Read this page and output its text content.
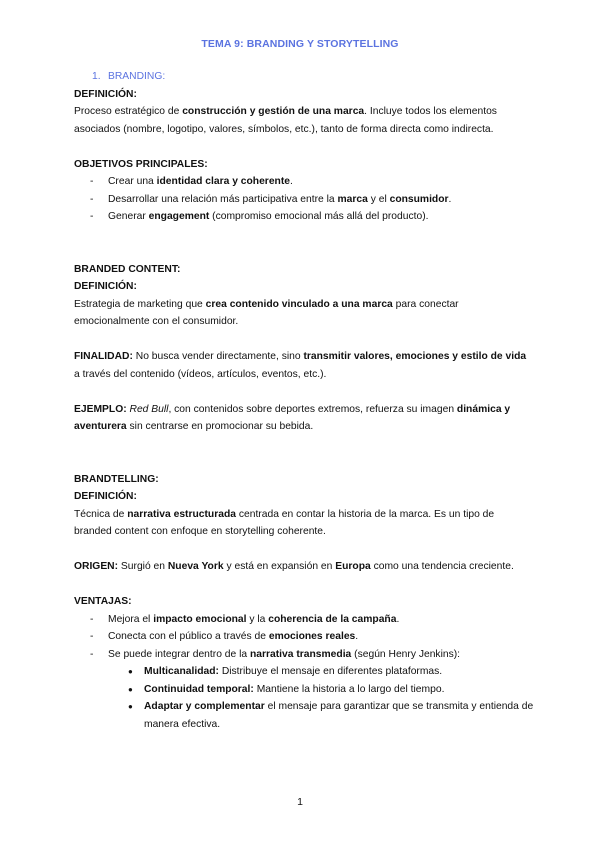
TEMA 9: BRANDING Y STORYTELLING
1. BRANDING:
DEFINICIÓN:

Proceso estratégico de construcción y gestión de una marca. Incluye todos los elementos asociados (nombre, logotipo, valores, símbolos, etc.), tanto de forma directa como indirecta.

OBJETIVOS PRINCIPALES:
- Crear una identidad clara y coherente.
- Desarrollar una relación más participativa entre la marca y el consumidor.
- Generar engagement (compromiso emocional más allá del producto).
BRANDED CONTENT:
DEFINICIÓN:

Estrategia de marketing que crea contenido vinculado a una marca para conectar emocionalmente con el consumidor.

FINALIDAD: No busca vender directamente, sino transmitir valores, emociones y estilo de vida a través del contenido (vídeos, artículos, eventos, etc.).

EJEMPLO: Red Bull, con contenidos sobre deportes extremos, refuerza su imagen dinámica y aventurera sin centrarse en promocionar su bebida.

BRANDTELLING:
DEFINICIÓN:

Técnica de narrativa estructurada centrada en contar la historia de la marca. Es un tipo de branded content con enfoque en storytelling coherente.

ORIGEN: Surgió en Nueva York y está en expansión en Europa como una tendencia creciente.

VENTAJAS:
- Mejora el impacto emocional y la coherencia de la campaña.
- Conecta con el público a través de emociones reales.
- Se puede integrar dentro de la narrativa transmedia (según Henry Jenkins):
● Multicanalidad: Distribuye el mensaje en diferentes plataformas.
● Continuidad temporal: Mantiene la historia a lo largo del tiempo.
● Adaptar y complementar el mensaje para garantizar que se transmita y entienda de manera efectiva.
1
